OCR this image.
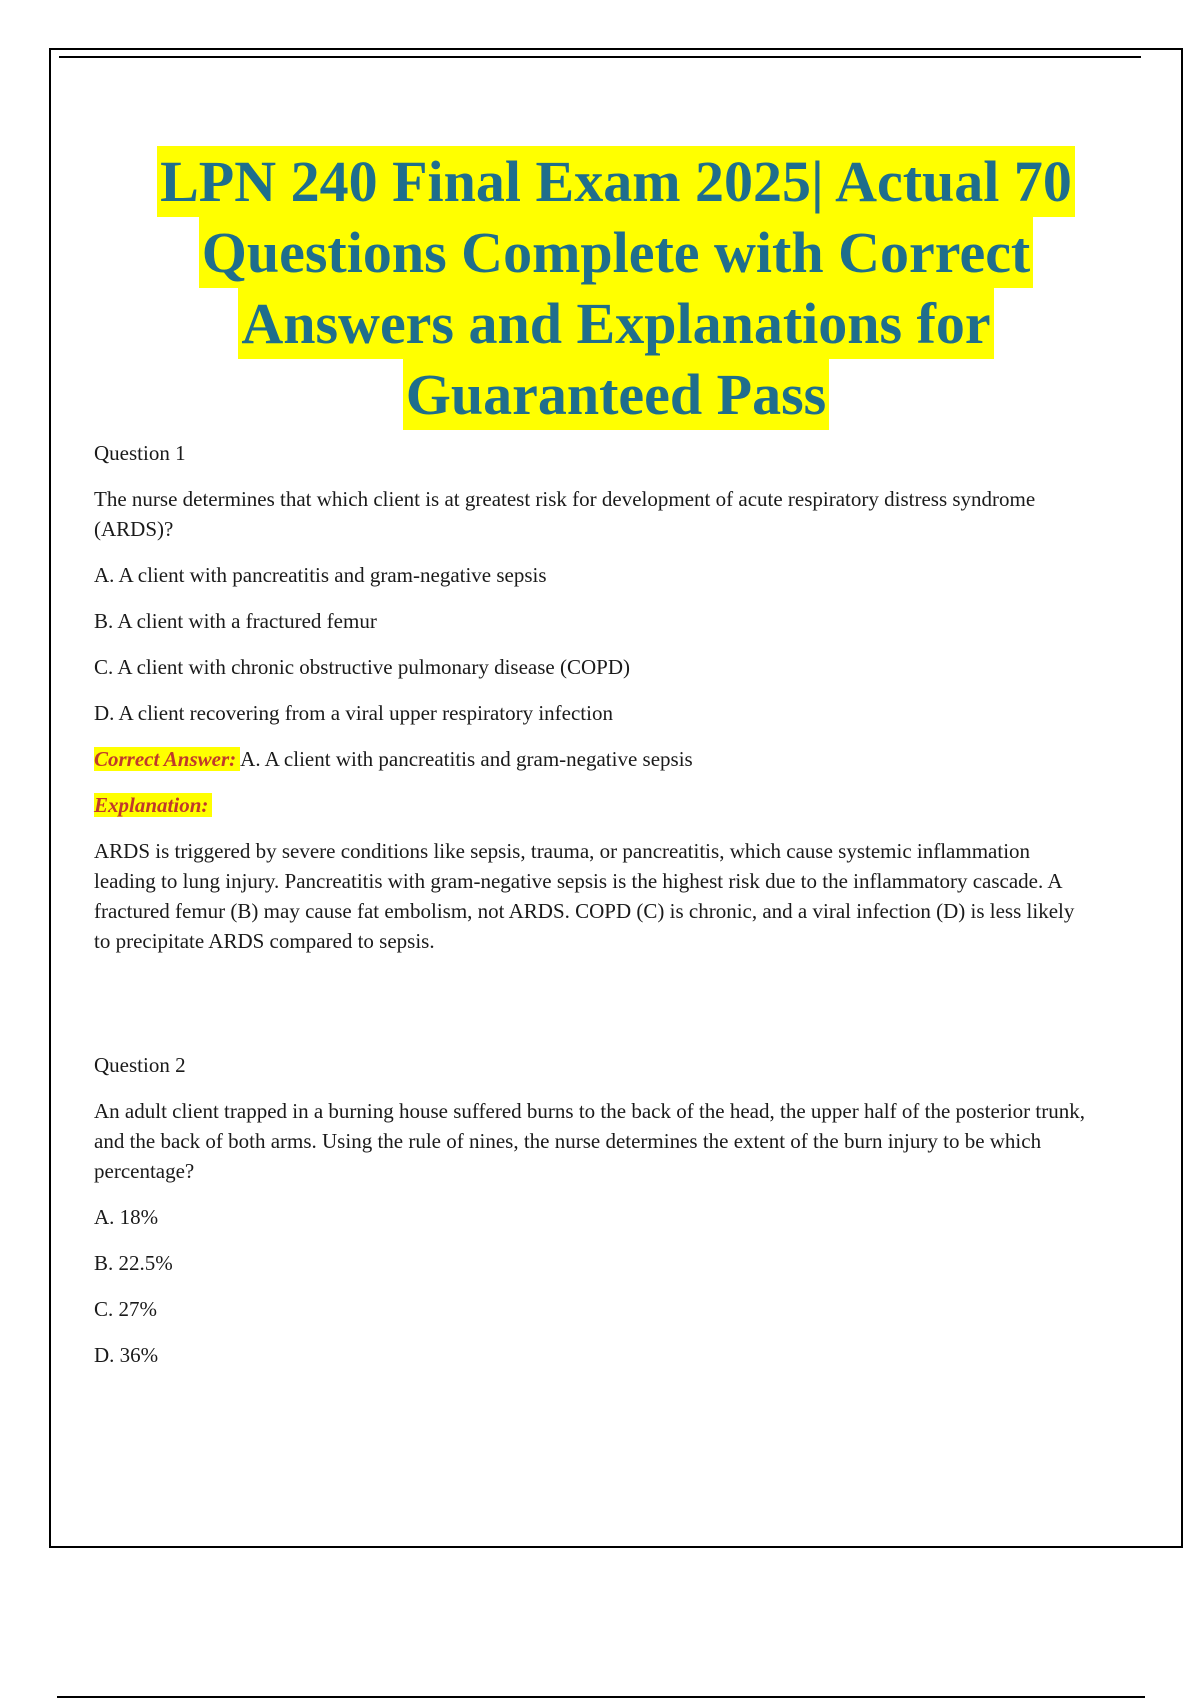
LPN 240 Final Exam 2025| Actual 70
Questions Complete with Correct
Answers and Explanations for
Guaranteed Pass

Question 1

The nurse determines that which client is at greatest risk for development of acute respiratory distress syndrome (ARDS)?

A. A client with pancreatitis and gram-negative sepsis

B. A client with a fractured femur

C. A client with chronic obstructive pulmonary disease (COPD)

D. A client recovering from a viral upper respiratory infection

Correct Answer: A. A client with pancreatitis and gram-negative sepsis

Explanation:

ARDS is triggered by severe conditions like sepsis, trauma, or pancreatitis, which cause systemic inflammation leading to lung injury. Pancreatitis with gram-negative sepsis is the highest risk due to the inflammatory cascade. A fractured femur (B) may cause fat embolism, not ARDS. COPD (C) is chronic, and a viral infection (D) is less likely to precipitate ARDS compared to sepsis.

Question 2

An adult client trapped in a burning house suffered burns to the back of the head, the upper half of the posterior trunk, and the back of both arms. Using the rule of nines, the nurse determines the extent of the burn injury to be which percentage?

A. 18%

B. 22.5%

C. 27%

D. 36%
